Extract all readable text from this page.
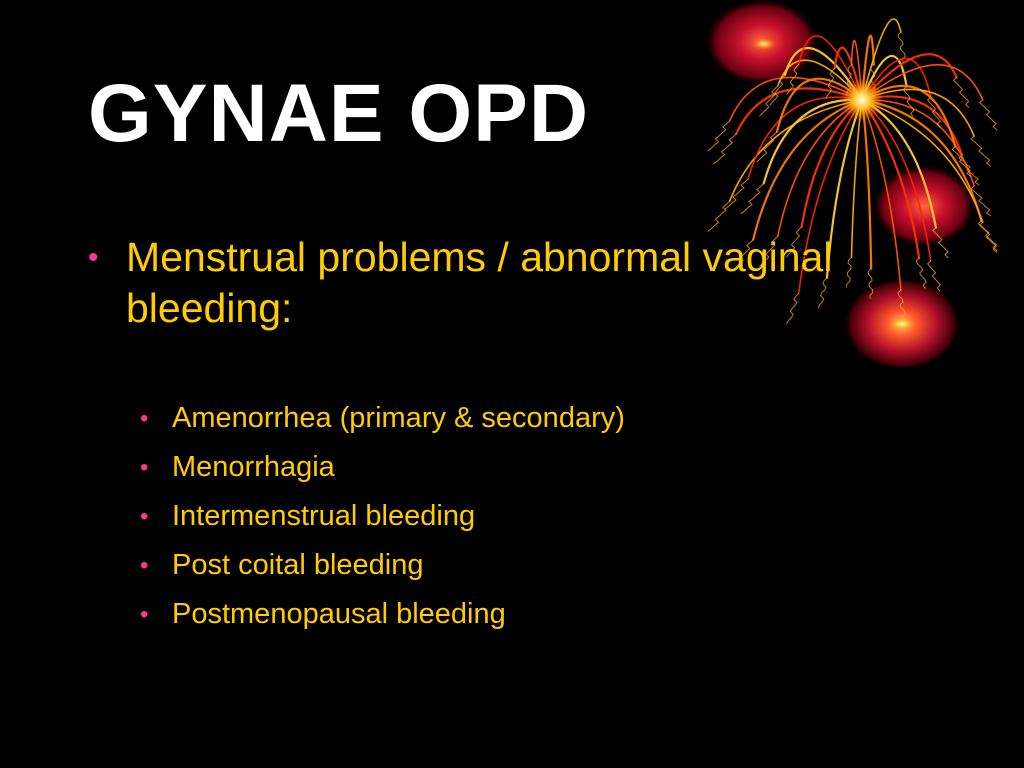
GYNAE OPD
• Menstrual problems / abnormal vaginal bleeding:
• Amenorrhea (primary & secondary)
• Menorrhagia
• Intermenstrual bleeding
• Post coital bleeding
• Postmenopausal bleeding
